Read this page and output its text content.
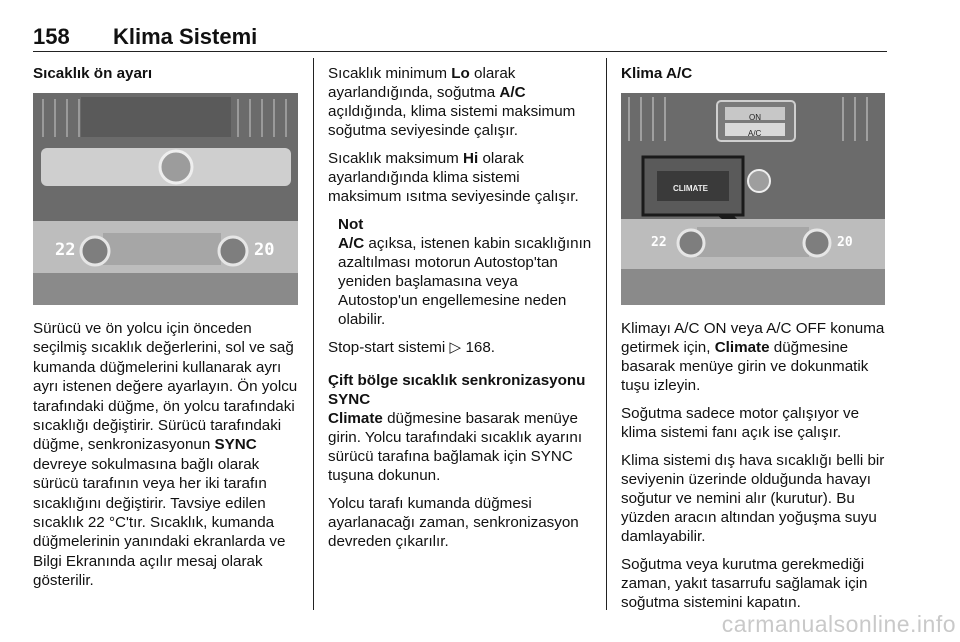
158 Klima Sistemi
Sıcaklık ön ayarı
22	20

Sürücü ve ön yolcu için önceden seçilmiş sıcaklık değerlerini, sol ve sağ kumanda düğmelerini kullanarak ayrı ayrı istenen değere ayarlayın. Ön yolcu tarafındaki düğme, ön yolcu tarafındaki sıcaklığı değiştirir. Sürücü tarafındaki düğme, senkronizasyonun SYNC devreye sokulmasına bağlı olarak sürücü tarafının veya her iki tarafın sıcaklığını değiştirir. Tavsiye edilen sıcaklık 22 °C'tır. Sıcaklık, kumanda düğmelerinin yanındaki ekranlarda ve Bilgi Ekranında açılır mesaj olarak gösterilir.

Sıcaklık minimum Lo olarak ayarlandığında, soğutma A/C açıldığında, klima sistemi maksimum soğutma seviyesinde çalışır.

Sıcaklık maksimum Hi olarak ayarlandığında klima sistemi maksimum ısıtma seviyesinde çalışır.

Not
A/C açıksa, istenen kabin sıcaklığının azaltılması motorun Autostop'tan yeniden başlamasına veya Autostop'un engellemesine neden olabilir.

Stop-start sistemi ▷ 168.

Çift bölge sıcaklık senkronizasyonu SYNC

Climate düğmesine basarak menüye girin. Yolcu tarafındaki sıcaklık ayarını sürücü tarafına bağlamak için SYNC tuşuna dokunun.

Yolcu tarafı kumanda düğmesi ayarlanacağı zaman, senkronizasyon devreden çıkarılır.

Klima A/C
ON
A/C
CLIMATE
22	20

Klimayı A/C ON veya A/C OFF konuma getirmek için, Climate düğmesine basarak menüye girin ve dokunmatik tuşu izleyin.

Soğutma sadece motor çalışıyor ve klima sistemi fanı açık ise çalışır.

Klima sistemi dış hava sıcaklığı belli bir seviyenin üzerinde olduğunda havayı soğutur ve nemini alır (kurutur). Bu yüzden aracın altından yoğuşma suyu damlayabilir.

Soğutma veya kurutma gerekmediği zaman, yakıt tasarrufu sağlamak için soğutma sistemini kapatın.

carmanualsonline.info
